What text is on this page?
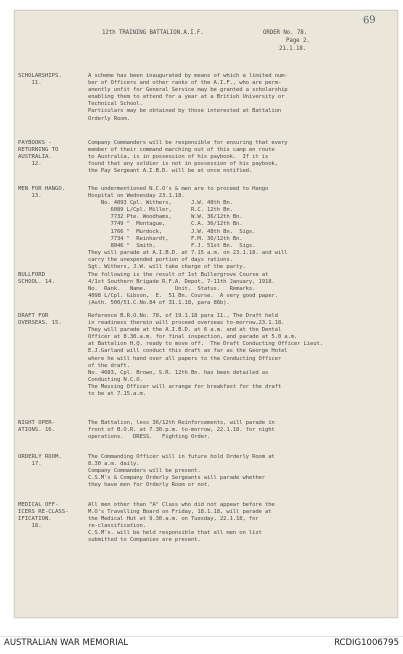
69
12th TRAINING BATTALION.A.I.F.	ORDER No. 78.
Page 2.
21.1.18.
SCHOLARSHIPS.
11.
A scheme has been inaugurated by means of which a limited num-
ber of Officers and other ranks of the A.I.F., who are perm-
anently unfit for General Service may be granted a scholarship
enabling them to attend for a year at a British University or
Technical School.
Particulars may be obtained by those interested at Battalion
Orderly Room.
PAYBOOKS -
RETURNING TO
AUSTRALIA.
12.
Company Commanders will be responsible for ensuring that every
member of their command marching out of this camp en route
to Australia, is in possession of his paybook.  If it is
found that any soldier is not in possession of his paybook,
the Pay Sergeant A.I.B.D. will be at once notified.
MEN FOR HANGO.
13.
The undermentioned N.C.O's & men are to proceed to Hango
Hospital on Wednesday 23.1.18.
No. 4093 Cpl. Withers,      J.W. 48th Bn.
6089 L/Cpl. Miller,      R.C. 12th Bn.
7732 Pte. Woodhams,      W.W. 36/12th Bn.
7749 "  Montague,        C.A. 36/12th Bn.
1766 "  Murdock,         J.W. 48th Bn.  Sigs.
7734 "  Reinhardt,       F.M. 36/12th Bn.
8046 "  Smith,           F.J. 51st Bn.  Sigs.
They will parade at A.I.B.D. at 7.15 a.m. on 23.1.18. and will
carry the unexpended portion of days rations.
Sgt. Withers, J.W. will take charge of the party.
BULLFORD
SCHOOL. 14.
The following is the result of 1st Bullergrove Course at
4/1st Southern Brigade R.F.A. Depot, 7-11th January, 1918.
No.  Rank.   Name.         Unit.  Status.   Remarks.
4098 L/Cpl. Gibson,  E.  51 Bn. Course.  A very good paper.
(Auth. 500/51.C.No.84 of 31.1.18, para 86b).
DRAFT FOR
OVERSEAS. 15.
Reference B.R.O.No. 78, of 19.1.18 para 11., The Draft held
in readiness therein will proceed overseas to-morrow,23.1.18.
They will parade at the A.I.B.D. at 6 a.m. and at the Dental
Officer at 8.30.a.m. for final inspection, and parade at 5.0 a.m.
at Battalion H.Q. ready to move off.  The Draft Conducting Officer Lieut.
E.J.Garland will conduct this draft as far as the George Hotel
where he will hand over all papers to the Conducting Officer
of the draft.
No. 4683, Cpl. Brown, S.R. 12th Bn. has been detailed as
Conducting N.C.O.
The Messing Officer will arrange for breakfast for the draft
to be at 7.15.a.m.
NIGHT OPER-
ATIONS. 16.
The Battalion, less 36/12th Reinforcements, will parade in
front of B.O.R. at 7.30.p.m. to-morrow, 22.1.18. for night
operations.   DRESS.   Fighting Order.
ORDERLY ROOM.
17.
The Commanding Officer will in future hold Orderly Room at
8.30 a.m. daily.
Company Commanders will be present.
C.S.M's & Company Orderly Sergeants will parade whether
they have men for Orderly Room or not.
MEDICAL OFF-
ICERS RE-CLASS-
IFICATION.
18.
All men other than "A" Class who did not appear before the
M.O's Travelling Board on Friday, 18.1.18, will parade at
the Medical Hut at 9.30.a.m. on Tuesday, 22.1.18, for
re-classification.
C.S.M's. will be held responsible that all men on list
submitted to Companies are present.
AUSTRALIAN WAR MEMORIAL	RCDIG1006795
